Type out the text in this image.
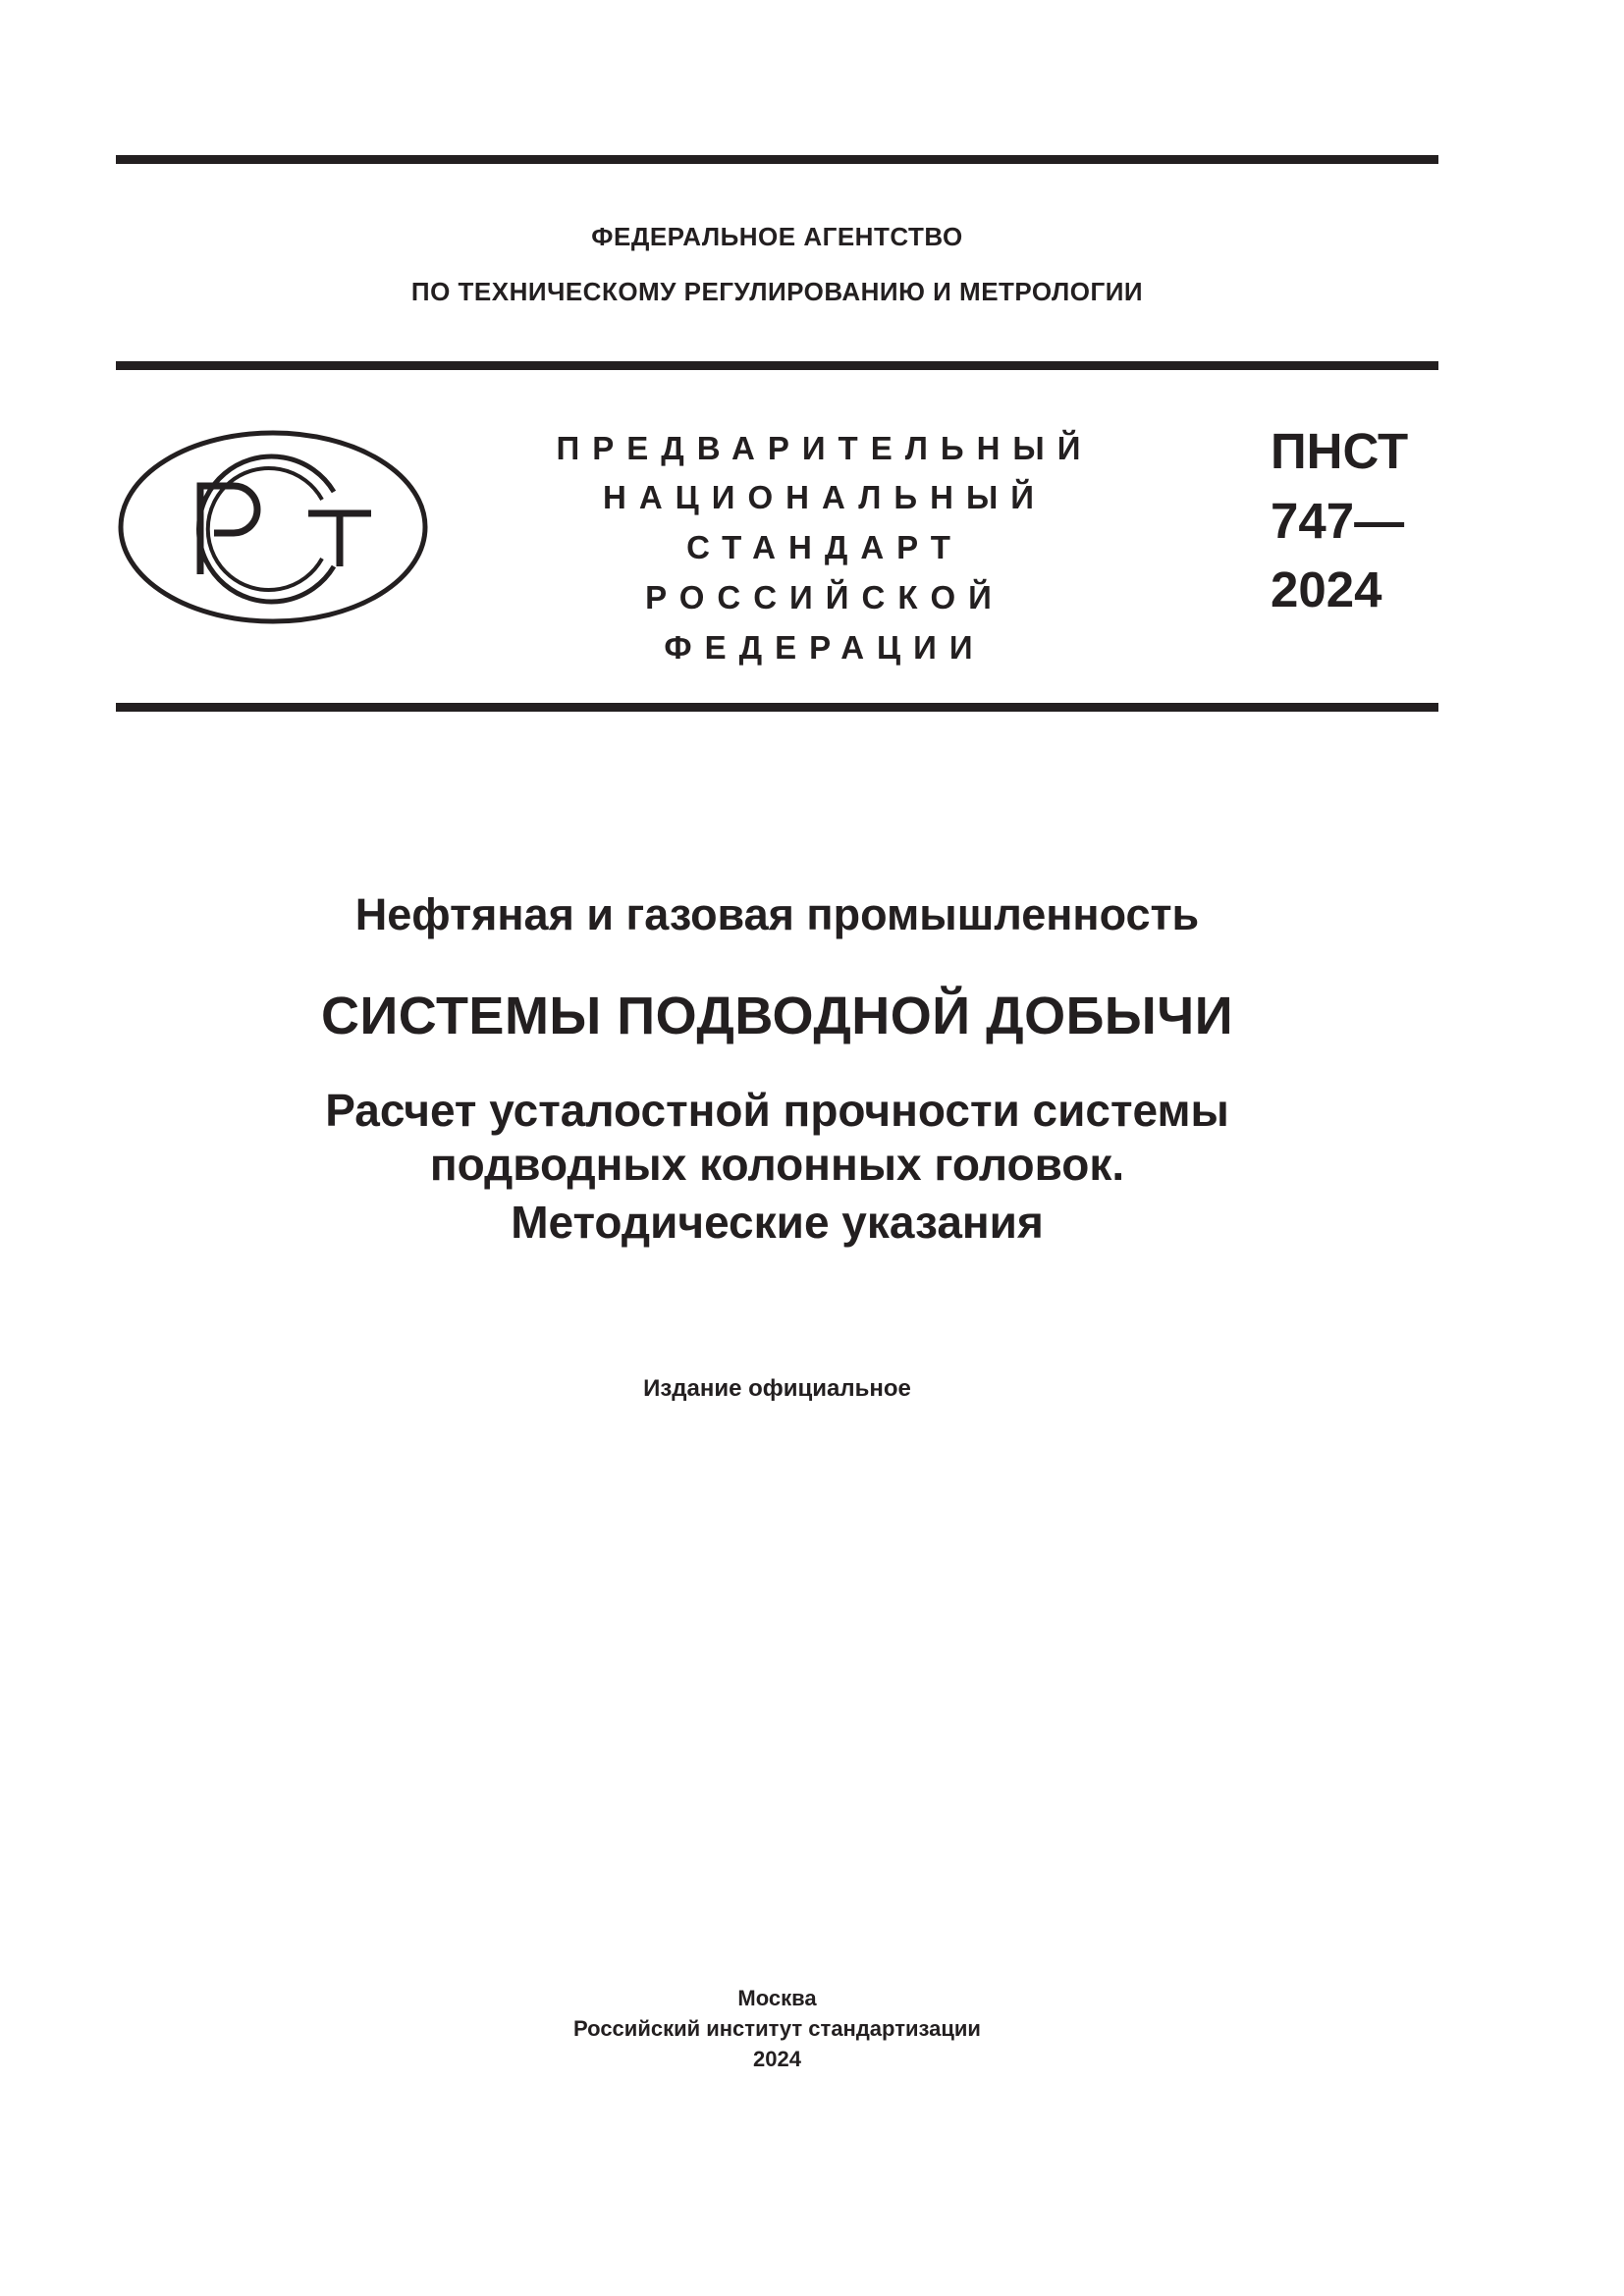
ФЕДЕРАЛЬНОЕ АГЕНТСТВО
ПО ТЕХНИЧЕСКОМУ РЕГУЛИРОВАНИЮ И МЕТРОЛОГИИ
ПРЕДВАРИТЕЛЬНЫЙ
НАЦИОНАЛЬНЫЙ
СТАНДАРТ
РОССИЙСКОЙ
ФЕДЕРАЦИИ
ПНСТ
747—
2024
Нефтяная и газовая промышленность
СИСТЕМЫ ПОДВОДНОЙ ДОБЫЧИ
Расчет усталостной прочности системы
подводных колонных головок.
Методические указания
Издание официальное
Москва
Российский институт стандартизации
2024
